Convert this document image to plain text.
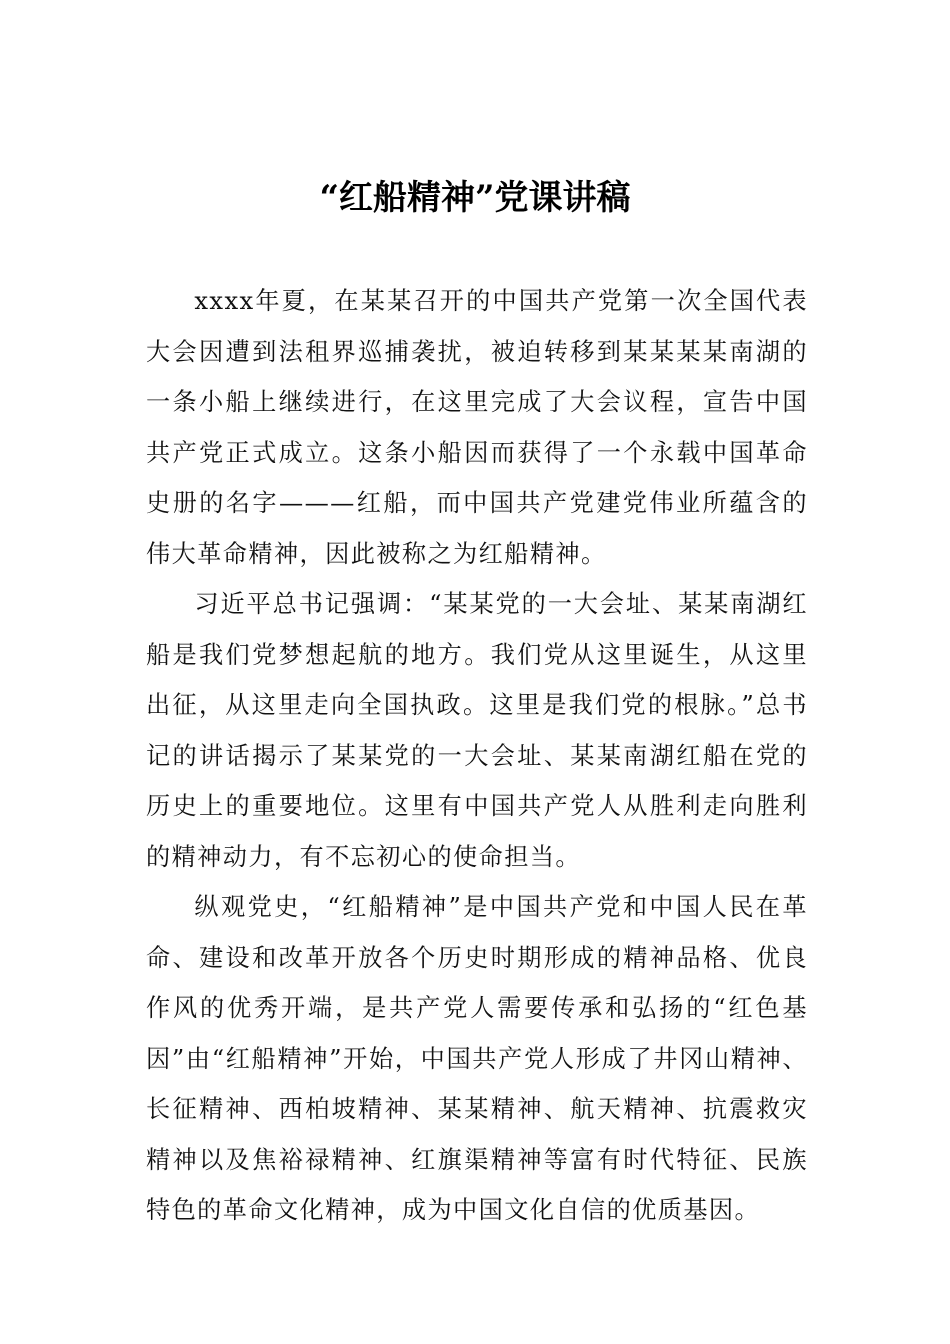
“红船精神”党课讲稿

xxxx年夏，在某某召开的中国共产党第一次全国代表大会因遭到法租界巡捕袭扰，被迫转移到某某某某南湖的一条小船上继续进行，在这里完成了大会议程，宣告中国共产党正式成立。这条小船因而获得了一个永载中国革命史册的名字———红船，而中国共产党建党伟业所蕴含的伟大革命精神，因此被称之为红船精神。

习近平总书记强调：“某某党的一大会址、某某南湖红船是我们党梦想起航的地方。我们党从这里诞生，从这里出征，从这里走向全国执政。这里是我们党的根脉。”总书记的讲话揭示了某某党的一大会址、某某南湖红船在党的历史上的重要地位。这里有中国共产党人从胜利走向胜利的精神动力，有不忘初心的使命担当。

纵观党史，“红船精神”是中国共产党和中国人民在革命、建设和改革开放各个历史时期形成的精神品格、优良作风的优秀开端，是共产党人需要传承和弘扬的“红色基因”由“红船精神”开始，中国共产党人形成了井冈山精神、长征精神、西柏坡精神、某某精神、航天精神、抗震救灾精神以及焦裕禄精神、红旗渠精神等富有时代特征、民族特色的革命文化精神，成为中国文化自信的优质基因。
